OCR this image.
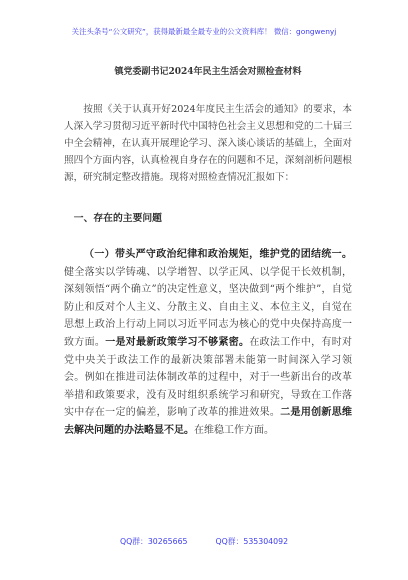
关注头条号“公文研究”，获得最新最全最专业的公文资料库！ 微信：gongwenyj
镇党委副书记2024年民主生活会对照检查材料

按照《关于认真开好2024年度民主生活会的通知》的要求，本人深入学习贯彻习近平新时代中国特色社会主义思想和党的二十届三中全会精神，在认真开展理论学习、深入谈心谈话的基础上，全面对照四个方面内容，认真检视自身存在的问题和不足，深刻剖析问题根源，研究制定整改措施。现将对照检查情况汇报如下：

一、存在的主要问题

（一）带头严守政治纪律和政治规矩，维护党的团结统一。健全落实以学铸魂、以学增智、以学正风、以学促干长效机制，深刻领悟“两个确立”的决定性意义，坚决做到“两个维护”，自觉防止和反对个人主义、分散主义、自由主义、本位主义，自觉在思想上政治上行动上同以习近平同志为核心的党中央保持高度一致方面。一是对最新政策学习不够紧密。在政法工作中，有时对党中央关于政法工作的最新决策部署未能第一时间深入学习领会。例如在推进司法体制改革的过程中，对于一些新出台的改革举措和政策要求，没有及时组织系统学习和研究，导致在工作落实中存在一定的偏差，影响了改革的推进效果。二是用创新思维去解决问题的办法略显不足。在维稳工作方面。

QQ群：30265665	QQ群：535304092
